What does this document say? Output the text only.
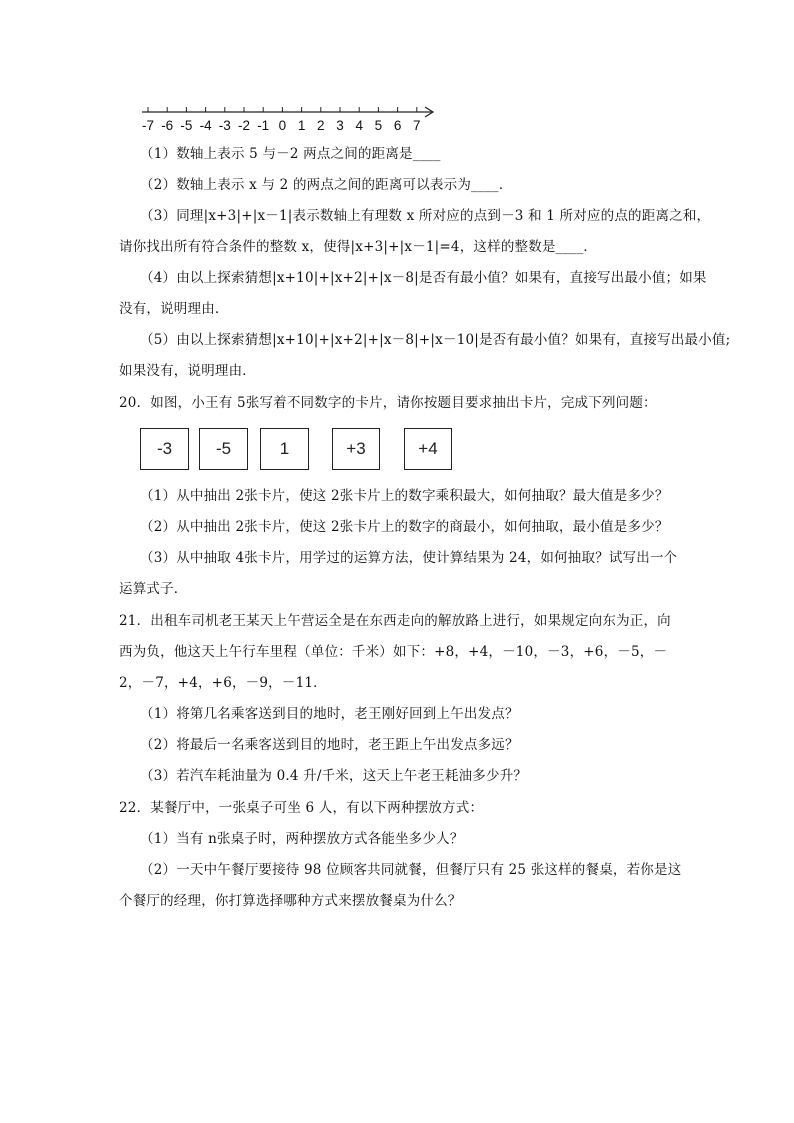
-7 -6 -5 -4 -3 -2 -1 0 1 2 3 4 5 6 7
（1）数轴上表示 5 与－2 两点之间的距离是____
（2）数轴上表示 x 与 2 的两点之间的距离可以表示为____．
（3）同理|x+3|+|x－1|表示数轴上有理数 x 所对应的点到－3 和 1 所对应的点的距离之和，
请你找出所有符合条件的整数 x，使得|x+3|+|x－1|=4，这样的整数是____．
（4）由以上探索猜想|x+10|+|x+2|+|x－8|是否有最小值？如果有，直接写出最小值；如果
没有，说明理由．
（5）由以上探索猜想|x+10|+|x+2|+|x－8|+|x－10|是否有最小值？如果有，直接写出最小值;
如果没有，说明理由．
20．如图，小王有 5张写着不同数字的卡片，请你按题目要求抽出卡片，完成下列问题：
-3	-5	1	+3	+4
（1）从中抽出 2张卡片，使这 2张卡片上的数字乘积最大，如何抽取？最大值是多少？
（2）从中抽出 2张卡片，使这 2张卡片上的数字的商最小，如何抽取，最小值是多少？
（3）从中抽取 4张卡片，用学过的运算方法，使计算结果为 24，如何抽取？试写出一个
运算式子．
21．出租车司机老王某天上午营运全是在东西走向的解放路上进行，如果规定向东为正，向
西为负，他这天上午行车里程（单位：千米）如下：+8，+4，－10，－3，+6，－5，－
2，－7，+4，+6，－9，－11．
（1）将第几名乘客送到目的地时，老王刚好回到上午出发点？
（2）将最后一名乘客送到目的地时，老王距上午出发点多远？
（3）若汽车耗油量为 0.4 升/千米，这天上午老王耗油多少升？
22．某餐厅中，一张桌子可坐 6 人，有以下两种摆放方式：
（1）当有 n张桌子时，两种摆放方式各能坐多少人？
（2）一天中午餐厅要接待 98 位顾客共同就餐，但餐厅只有 25 张这样的餐桌，若你是这
个餐厅的经理，你打算选择哪种方式来摆放餐桌为什么？
